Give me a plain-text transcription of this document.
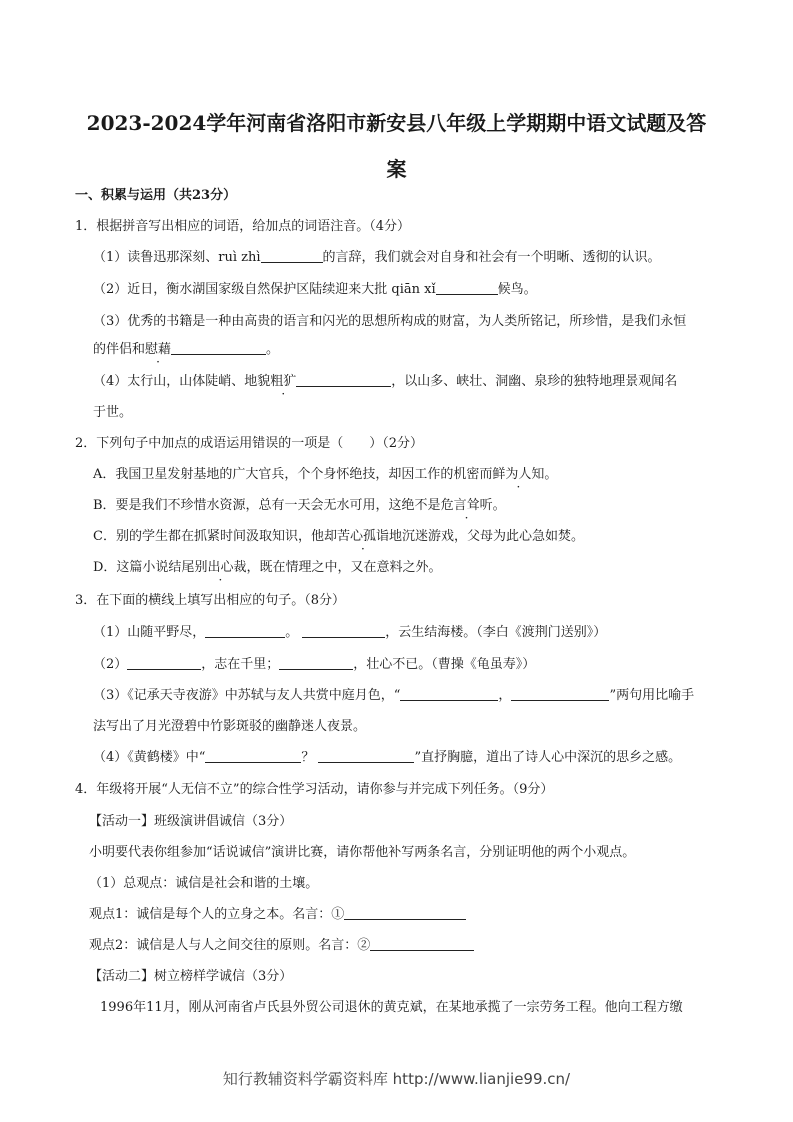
2023-2024学年河南省洛阳市新安县八年级上学期期中语文试题及答
案
一、积累与运用（共23分）
1．根据拼音写出相应的词语，给加点的词语注音。（4分）
（1）读鲁迅那深刻、ruì zhì	的言辞，我们就会对自身和社会有一个明晰、透彻的认识。
（2）近日，衡水湖国家级自然保护区陆续迎来大批 qiān xǐ	候鸟。
（3）优秀的书籍是一种由高贵的语言和闪光的思想所构成的财富，为人类所铭记，所珍惜，是我们永恒
的伴侣和慰藉	。
（4）太行山，山体陡峭、地貌粗犷	，以山多、峡壮、洞幽、泉珍的独特地理景观闻名
于世。
2．下列句子中加点的成语运用错误的一项是（　　）（2分）
A．我国卫星发射基地的广大官兵，个个身怀绝技，却因工作的机密而鲜为人知。
B．要是我们不珍惜水资源，总有一天会无水可用，这绝不是危言耸听。
C．别的学生都在抓紧时间汲取知识，他却苦心孤诣地沉迷游戏，父母为此心急如焚。
D．这篇小说结尾别出心裁，既在情理之中，又在意料之外。
3．在下面的横线上填写出相应的句子。（8分）
（1）山随平野尽，	。	，云生结海楼。（李白《渡荆门送别》）
（2）	，志在千里；	，壮心不已。（曹操《龟虽寿》）
（3）《记承天寺夜游》中苏轼与友人共赏中庭月色，“	，	”两句用比喻手
法写出了月光澄碧中竹影斑驳的幽静迷人夜景。
（4）《黄鹤楼》中“	？	”直抒胸臆，道出了诗人心中深沉的思乡之感。
4．年级将开展“人无信不立”的综合性学习活动，请你参与并完成下列任务。（9分）
【活动一】班级演讲倡诚信（3分）
小明要代表你组参加“话说诚信”演讲比赛，请你帮他补写两条名言，分别证明他的两个小观点。
（1）总观点：诚信是社会和谐的土壤。
观点1：诚信是每个人的立身之本。名言：①
观点2：诚信是人与人之间交往的原则。名言：②
【活动二】树立榜样学诚信（3分）
1996年11月，刚从河南省卢氏县外贸公司退休的黄克斌，在某地承揽了一宗劳务工程。他向工程方缴
知行教辅资料学霸资料库 http://www.lianjie99.cn/
